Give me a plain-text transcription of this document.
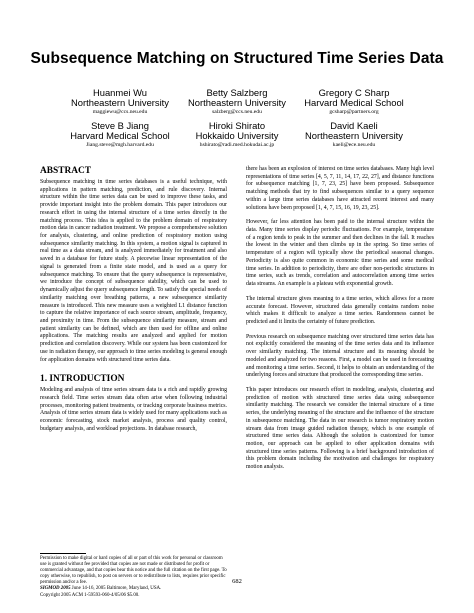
Subsequence Matching on Structured Time Series Data
Huanmei Wu
Northeastern University
maggiewu@ccs.neu.edu
Betty Salzberg
Northeastern University
salzberg@ccs.neu.edu
Gregory C Sharp
Harvard Medical School
gcsharp@partners.org
Steve B Jiang
Harvard Medical School
Jiang.steve@mgh.harvard.edu
Hiroki Shirato
Hokkaido University
hshirato@radi.med.hokudai.ac.jp
David Kaeli
Northeastern University
kaeli@ece.neu.edu
ABSTRACT

Subsequence matching in time series databases is a useful technique, with applications in pattern matching, prediction, and rule discovery. Internal structure within the time series data can be used to improve these tasks, and provide important insight into the problem domain. This paper introduces our research effort in using the internal structure of a time series directly in the matching process. This idea is applied to the problem domain of respiratory motion data in cancer radiation treatment. We propose a comprehensive solution for analysis, clustering, and online prediction of respiratory motion using subsequence similarity matching. In this system, a motion signal is captured in real time as a data stream, and is analyzed immediately for treatment and also saved in a database for future study. A piecewise linear representation of the signal is generated from a finite state model, and is used as a query for subsequence matching. To ensure that the query subsequence is representative, we introduce the concept of subsequence stability, which can be used to dynamically adjust the query subsequence length. To satisfy the special needs of similarity matching over breathing patterns, a new subsequence similarity measure is introduced. This new measure uses a weighted L1 distance function to capture the relative importance of each source stream, amplitude, frequency, and proximity in time. From the subsequence similarity measure, stream and patient similarity can be defined, which are then used for offline and online applications. The matching results are analyzed and applied for motion prediction and correlation discovery. While our system has been customized for use in radiation therapy, our approach to time series modeling is general enough for application domains with structured time series data.

1. INTRODUCTION

Modeling and analysis of time series stream data is a rich and rapidly growing research field. Time series stream data often arise when following industrial processes, monitoring patient treatments, or tracking corporate business metrics. Analysis of time series stream data is widely used for many applications such as economic forecasting, stock market analysis, process and quality control, budgetary analysis, and workload projections. In database research,

Permission to make digital or hard copies of all or part of this work for personal or classroom use is granted without fee provided that copies are not made or distributed for profit or commercial advantage, and that copies bear this notice and the full citation on the first page. To copy otherwise, to republish, to post on servers or to redistribute to lists, requires prior specific permission and/or a fee.

SIGMOD 2005 June 14-16, 2005 Baltimore, Maryland, USA.

Copyright 2005 ACM 1-59593-060-4/05/06 $5.00.

there has been an explosion of interest on time series databases. Many high level representations of time series [4, 5, 7, 11, 14, 17, 22, 27], and distance functions for subsequence matching [1, 7, 23, 25] have been proposed. Subsequence matching methods that try to find subsequences similar to a query sequence within a large time series databases have attracted recent interest and many solutions have been proposed [1, 4, 7, 15, 16, 19, 23, 25].

However, far less attention has been paid to the internal structure within the data. Many time series display periodic fluctuations. For example, temperature of a region tends to peak in the summer and then declines in the fall. It reaches the lowest in the winter and then climbs up in the spring. So time series of temperature of a region will typically show the periodical seasonal changes. Periodicity is also quite common in economic time series and some medical time series. In addition to periodicity, there are other non-periodic structures in time series, such as trends, correlation and autocorrelation among time series data streams. An example is a plateau with exponential growth.

The internal structure gives meaning to a time series, which allows for a more accurate forecast. However, structured data generally contains random noise which makes it difficult to analyze a time series. Randomness cannot be predicted and it limits the certainty of future prediction.

Previous research on subsequence matching over structured time series data has not explicitly considered the meaning of the time series data and its influence over similarity matching. The internal structure and its meaning should be modeled and analyzed for two reasons. First, a model can be used in forecasting and monitoring a time series. Second, it helps to obtain an understanding of the underlying forces and structure that produced the corresponding time series.

This paper introduces our research effort in modeling, analysis, clustering and prediction of motion with structured time series data using subsequence similarity matching. The research we consider the internal structure of a time series, the underlying meaning of the structure and the influence of the structure in subsequence matching. The data in our research is tumor respiratory motion stream data from image guided radiation therapy, which is one example of structured time series data. Although the solution is customized for tumor motion, our approach can be applied to other application domains with structured time series patterns. Following is a brief background introduction of this problem domain including the motivation and challenges for respiratory motion analysis.

682
